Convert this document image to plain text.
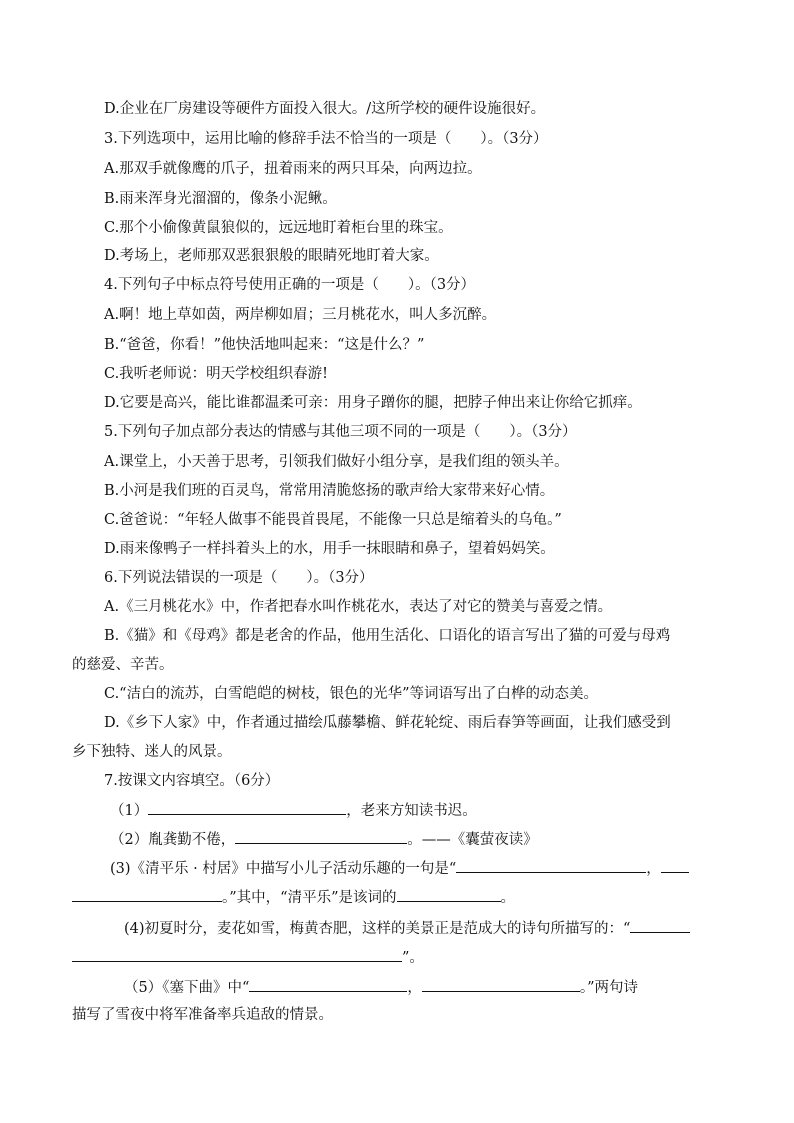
D.企业在厂房建设等硬件方面投入很大。/这所学校的硬件设施很好。
3.下列选项中，运用比喻的修辞手法不恰当的一项是（　　）。（3分）
A.那双手就像鹰的爪子，扭着雨来的两只耳朵，向两边拉。
B.雨来浑身光溜溜的，像条小泥鳅。
C.那个小偷像黄鼠狼似的，远远地盯着柜台里的珠宝。
D.考场上，老师那双恶狠狠般的眼睛死地盯着大家。
4.下列句子中标点符号使用正确的一项是（　　）。（3分）
A.啊！地上草如茵，两岸柳如眉；三月桃花水，叫人多沉醉。
B.“爸爸，你看！”他快活地叫起来：“这是什么？”
C.我听老师说：明天学校组织春游!
D.它要是高兴，能比谁都温柔可亲：用身子蹭你的腿，把脖子伸出来让你给它抓痒。
5.下列句子加点部分表达的情感与其他三项不同的一项是（　　）。（3分）
A.课堂上，小天善于思考，引领我们做好小组分享，是我们组的领头羊。
B.小河是我们班的百灵鸟，常常用清脆悠扬的歌声给大家带来好心情。
C.爸爸说：“年轻人做事不能畏首畏尾，不能像一只总是缩着头的乌龟。”
D.雨来像鸭子一样抖着头上的水，用手一抹眼睛和鼻子，望着妈妈笑。
6.下列说法错误的一项是（　　）。（3分）
A.《三月桃花水》中，作者把春水叫作桃花水，表达了对它的赞美与喜爱之情。
B.《猫》和《母鸡》都是老舍的作品，他用生活化、口语化的语言写出了猫的可爱与母鸡
的慈爱、辛苦。
C.“洁白的流苏，白雪皑皑的树枝，银色的光华”等词语写出了白桦的动态美。
D.《乡下人家》中，作者通过描绘瓜藤攀檐、鲜花轮绽、雨后春笋等画面，让我们感受到
乡下独特、迷人的风景。
7.按课文内容填空。（6分）
（1）	，老来方知读书迟。
（2）胤龚勤不倦，	。——《囊萤夜读》
(3)《清平乐 · 村居》中描写小儿子活动乐趣的一句是“	，
。”其中，“清平乐”是该词的	。
(4)初夏时分，麦花如雪，梅黄杏肥，这样的美景正是范成大的诗句所描写的：“
”。
（5）《塞下曲》中“	，	。”两句诗
描写了雪夜中将军准备率兵追敌的情景。
